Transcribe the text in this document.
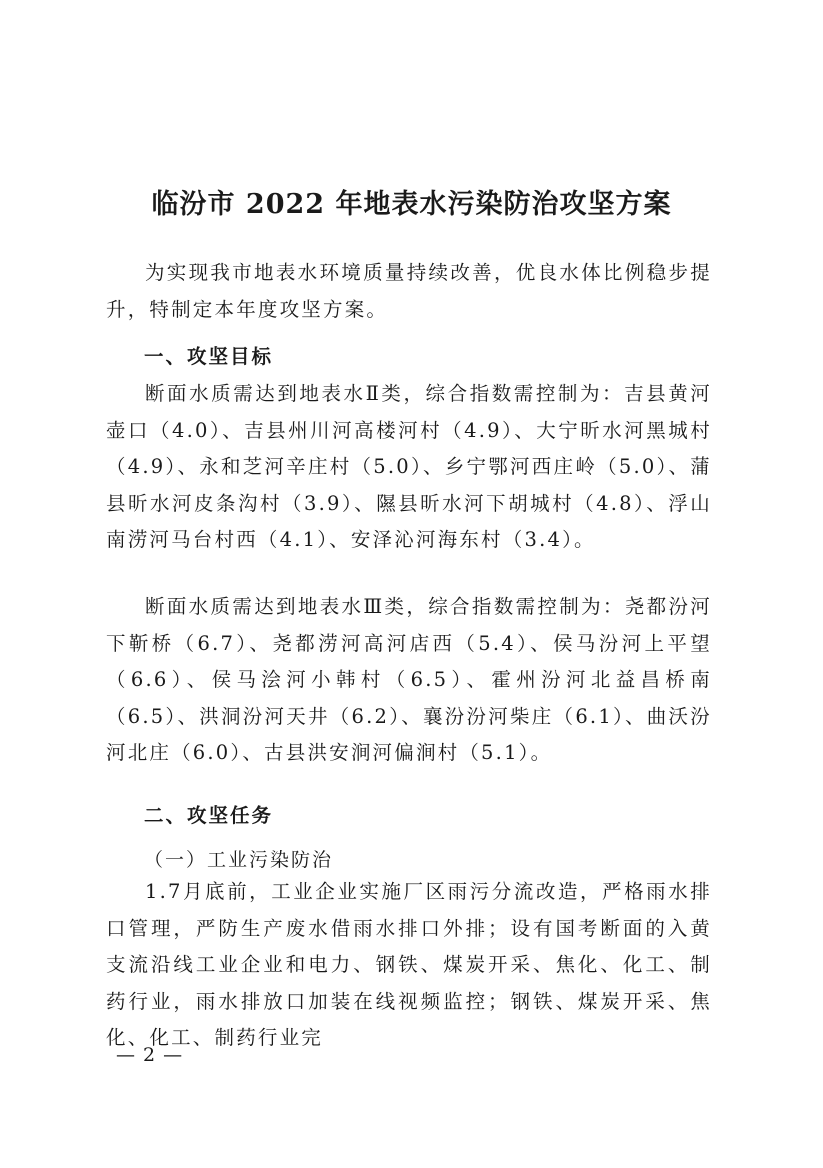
临汾市 2022 年地表水污染防治攻坚方案

为实现我市地表水环境质量持续改善，优良水体比例稳步提升，特制定本年度攻坚方案。

一、攻坚目标

断面水质需达到地表水Ⅱ类，综合指数需控制为：吉县黄河壶口（4.0）、吉县州川河高楼河村（4.9）、大宁昕水河黑城村（4.9）、永和芝河辛庄村（5.0）、乡宁鄂河西庄岭（5.0）、蒲县昕水河皮条沟村（3.9）、隰县昕水河下胡城村（4.8）、浮山南涝河马台村西（4.1）、安泽沁河海东村（3.4）。

断面水质需达到地表水Ⅲ类，综合指数需控制为：尧都汾河下靳桥（6.7）、尧都涝河高河店西（5.4）、侯马汾河上平望（6.6）、侯马浍河小韩村（6.5）、霍州汾河北益昌桥南（6.5）、洪洞汾河天井（6.2）、襄汾汾河柴庄（6.1）、曲沃汾河北庄（6.0）、古县洪安涧河偏涧村（5.1）。

二、攻坚任务
（一）工业污染防治

1.7月底前，工业企业实施厂区雨污分流改造，严格雨水排口管理，严防生产废水借雨水排口外排；设有国考断面的入黄支流沿线工业企业和电力、钢铁、煤炭开采、焦化、化工、制药行业，雨水排放口加装在线视频监控；钢铁、煤炭开采、焦化、化工、制药行业完

— 2 —
